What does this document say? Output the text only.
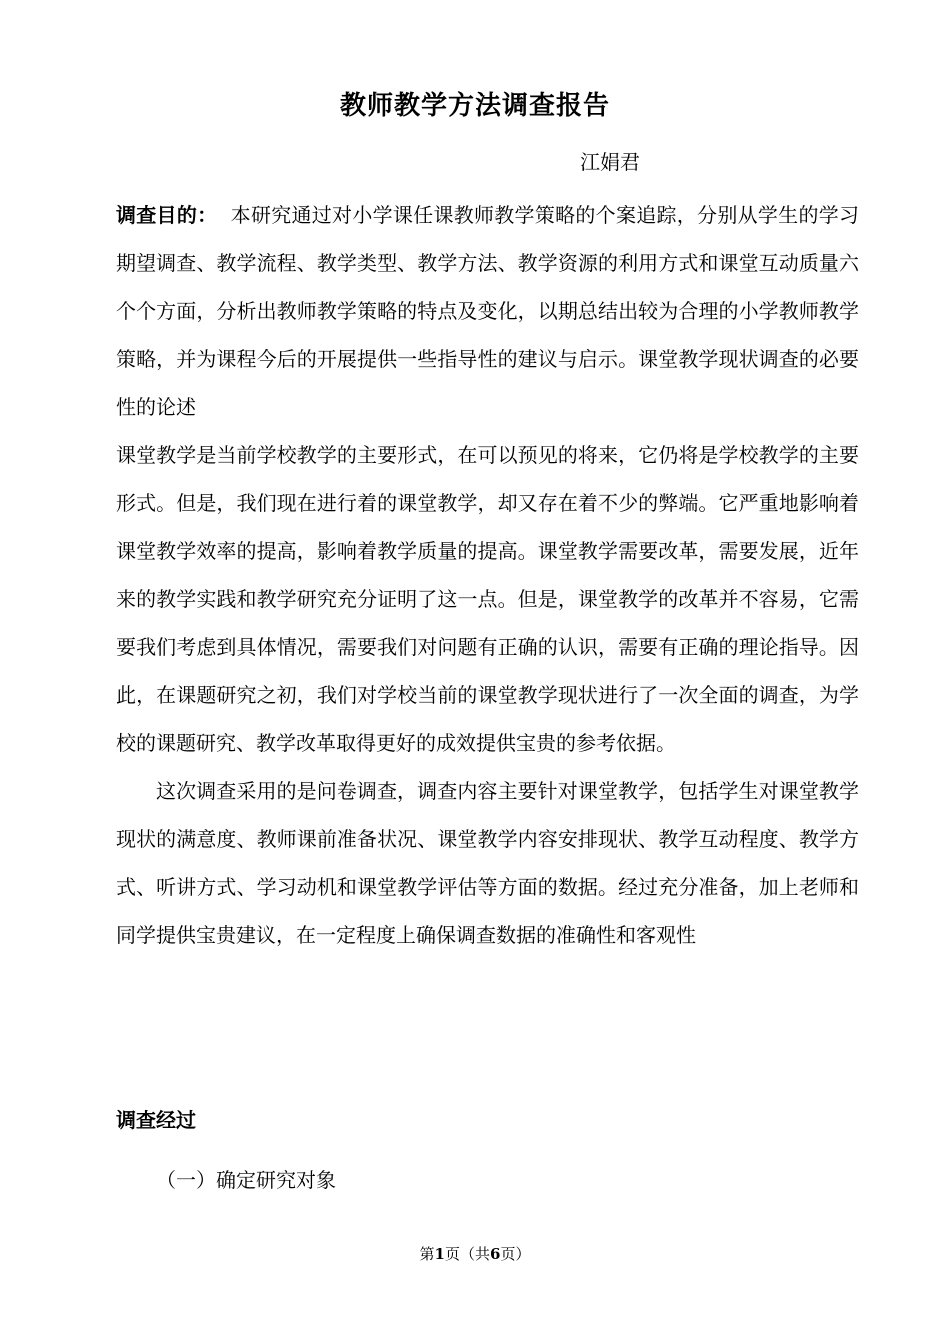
教师教学方法调查报告

江娟君

调查目的： 本研究通过对小学课任课教师教学策略的个案追踪，分别从学生的学习期望调查、教学流程、教学类型、教学方法、教学资源的利用方式和课堂互动质量六个个方面，分析出教师教学策略的特点及变化，以期总结出较为合理的小学教师教学策略，并为课程今后的开展提供一些指导性的建议与启示。课堂教学现状调查的必要性的论述

课堂教学是当前学校教学的主要形式，在可以预见的将来，它仍将是学校教学的主要形式。但是，我们现在进行着的课堂教学，却又存在着不少的弊端。它严重地影响着课堂教学效率的提高，影响着教学质量的提高。课堂教学需要改革，需要发展，近年来的教学实践和教学研究充分证明了这一点。但是，课堂教学的改革并不容易，它需要我们考虑到具体情况，需要我们对问题有正确的认识，需要有正确的理论指导。因此，在课题研究之初，我们对学校当前的课堂教学现状进行了一次全面的调查，为学校的课题研究、教学改革取得更好的成效提供宝贵的参考依据。

这次调查采用的是问卷调查，调查内容主要针对课堂教学，包括学生对课堂教学现状的满意度、教师课前准备状况、课堂教学内容安排现状、教学互动程度、教学方式、听讲方式、学习动机和课堂教学评估等方面的数据。经过充分准备，加上老师和同学提供宝贵建议，在一定程度上确保调查数据的准确性和客观性

调查经过

（一）确定研究对象

第1页（共6页）
